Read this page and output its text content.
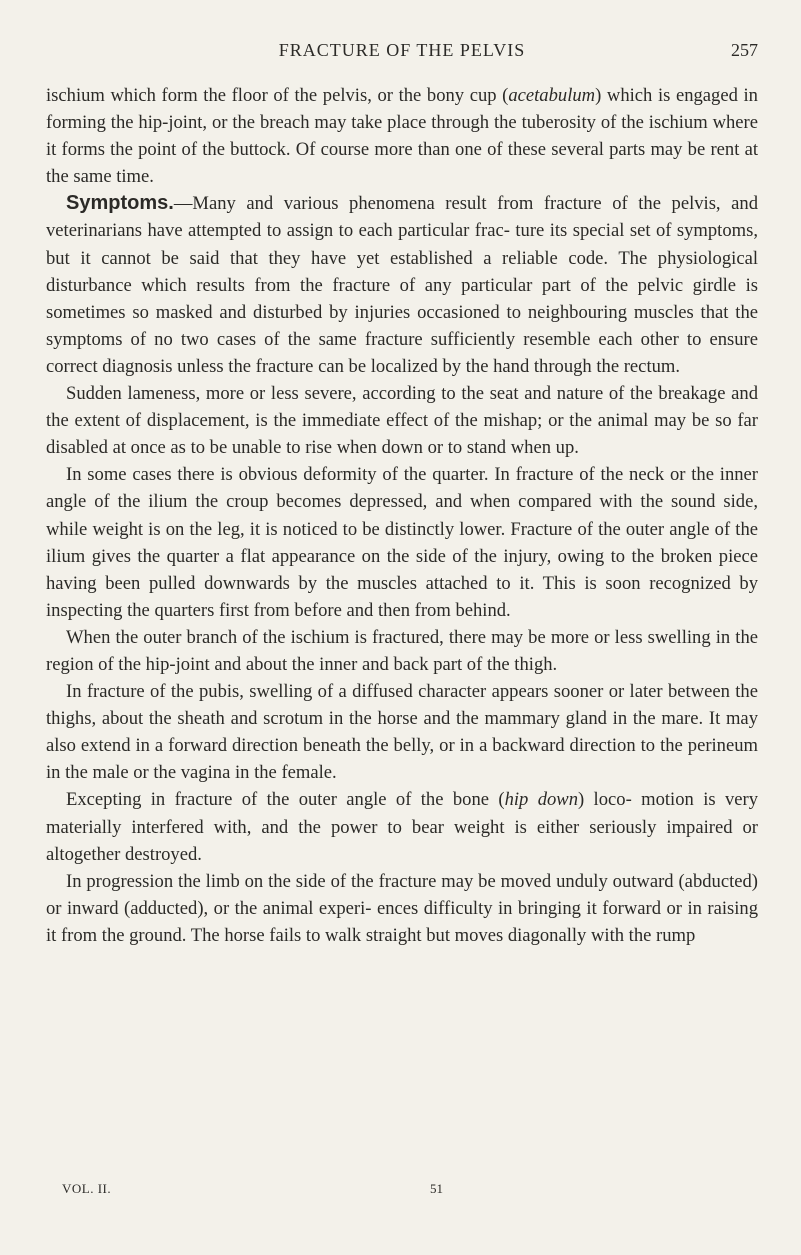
FRACTURE OF THE PELVIS	257

ischium which form the floor of the pelvis, or the bony cup (acetabulum) which is engaged in forming the hip-joint, or the breach may take place through the tuberosity of the ischium where it forms the point of the buttock. Of course more than one of these several parts may be rent at the same time.

Symptoms.—Many and various phenomena result from fracture of the pelvis, and veterinarians have attempted to assign to each particular frac- ture its special set of symptoms, but it cannot be said that they have yet established a reliable code. The physiological disturbance which results from the fracture of any particular part of the pelvic girdle is sometimes so masked and disturbed by injuries occasioned to neighbouring muscles that the symptoms of no two cases of the same fracture sufficiently resemble each other to ensure correct diagnosis unless the fracture can be localized by the hand through the rectum.

Sudden lameness, more or less severe, according to the seat and nature of the breakage and the extent of displacement, is the immediate effect of the mishap; or the animal may be so far disabled at once as to be unable to rise when down or to stand when up.

In some cases there is obvious deformity of the quarter. In fracture of the neck or the inner angle of the ilium the croup becomes depressed, and when compared with the sound side, while weight is on the leg, it is noticed to be distinctly lower. Fracture of the outer angle of the ilium gives the quarter a flat appearance on the side of the injury, owing to the broken piece having been pulled downwards by the muscles attached to it. This is soon recognized by inspecting the quarters first from before and then from behind.

When the outer branch of the ischium is fractured, there may be more or less swelling in the region of the hip-joint and about the inner and back part of the thigh.

In fracture of the pubis, swelling of a diffused character appears sooner or later between the thighs, about the sheath and scrotum in the horse and the mammary gland in the mare. It may also extend in a forward direction beneath the belly, or in a backward direction to the perineum in the male or the vagina in the female.

Excepting in fracture of the outer angle of the bone (hip down) loco- motion is very materially interfered with, and the power to bear weight is either seriously impaired or altogether destroyed.

In progression the limb on the side of the fracture may be moved unduly outward (abducted) or inward (adducted), or the animal experi- ences difficulty in bringing it forward or in raising it from the ground. The horse fails to walk straight but moves diagonally with the rump

VOL. II.	51
